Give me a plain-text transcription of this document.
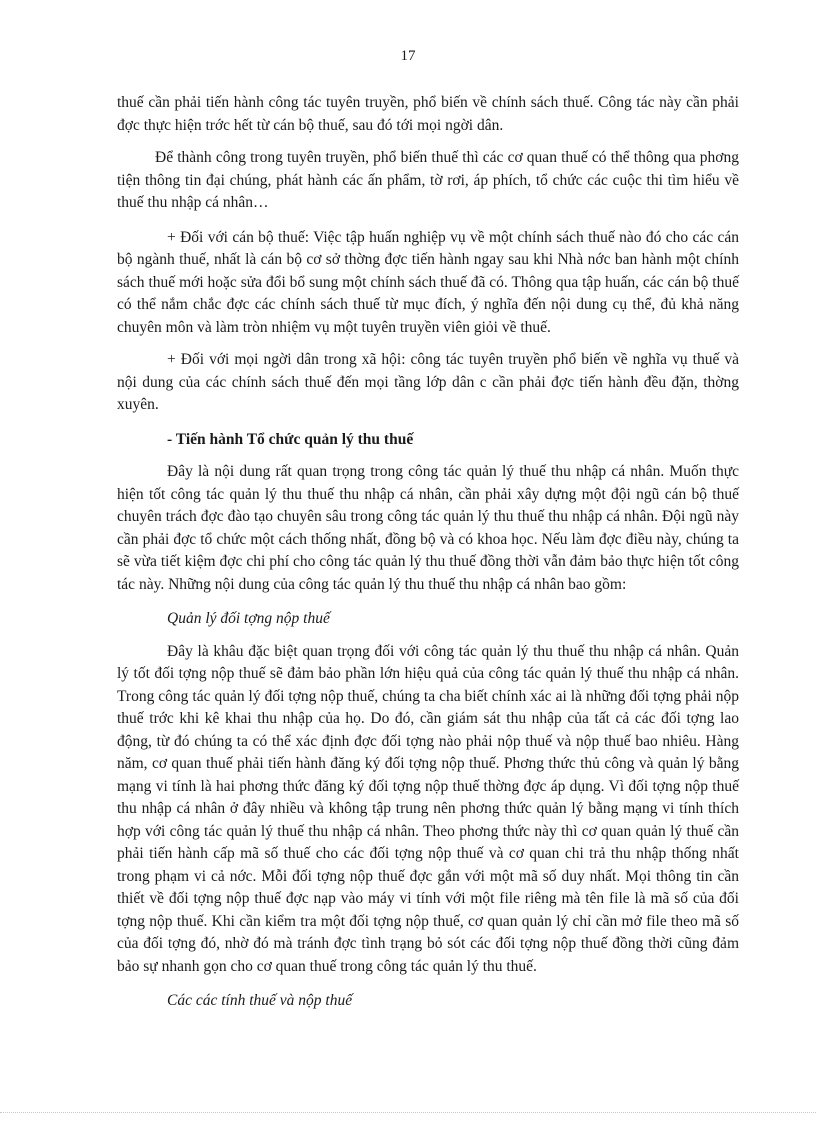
17

thuế cần phải tiến hành công tác tuyên truyền, phổ biến về chính sách thuế. Công tác này cần phải đợc thực hiện trớc hết từ cán bộ thuế, sau đó tới mọi ngời dân.

Để thành công trong tuyên truyền, phổ biến thuế thì các cơ quan thuế có thể thông qua phơng tiện thông tin đại chúng, phát hành các ấn phẩm, tờ rơi, áp phích, tổ chức các cuộc thi tìm hiểu về thuế thu nhập cá nhân…

+ Đối với cán bộ thuế: Việc tập huấn nghiệp vụ về một chính sách thuế nào đó cho các cán bộ ngành thuế, nhất là cán bộ cơ sở thờng đợc tiến hành ngay sau khi Nhà nớc ban hành một chính sách thuế mới hoặc sửa đổi bổ sung một chính sách thuế đã có. Thông qua tập huấn, các cán bộ thuế có thể nắm chắc đợc các chính sách thuế từ mục đích, ý nghĩa đến nội dung cụ thể, đủ khả năng chuyên môn và làm tròn nhiệm vụ một tuyên truyền viên giỏi về thuế.

+ Đối với mọi ngời dân trong xã hội: công tác tuyên truyền phổ biến về nghĩa vụ thuế và nội dung của các chính sách thuế đến mọi tầng lớp dân c cần phải đợc tiến hành đều đặn, thờng xuyên.

- Tiến hành Tổ chức quản lý thu thuế

Đây là nội dung rất quan trọng trong công tác quản lý thuế thu nhập cá nhân. Muốn thực hiện tốt công tác quản lý thu thuế thu nhập cá nhân, cần phải xây dựng một đội ngũ cán bộ thuế chuyên trách đợc đào tạo chuyên sâu trong công tác quản lý thu thuế thu nhập cá nhân. Đội ngũ này cần phải đợc tổ chức một cách thống nhất, đồng bộ và có khoa học. Nếu làm đợc điều này, chúng ta sẽ vừa tiết kiệm đợc chi phí cho công tác quản lý thu thuế đồng thời vẫn đảm bảo thực hiện tốt công tác này. Những nội dung của công tác quản lý thu thuế thu nhập cá nhân bao gồm:

Quản lý đối tợng nộp thuế

Đây là khâu đặc biệt quan trọng đối với công tác quản lý thu thuế thu nhập cá nhân. Quản lý tốt đối tợng nộp thuế sẽ đảm bảo phần lớn hiệu quả của công tác quản lý thuế thu nhập cá nhân. Trong công tác quản lý đối tợng nộp thuế, chúng ta cha biết chính xác ai là những đối tợng phải nộp thuế trớc khi kê khai thu nhập của họ. Do đó, cần giám sát thu nhập của tất cả các đối tợng lao động, từ đó chúng ta có thể xác định đợc đối tợng nào phải nộp thuế và nộp thuế bao nhiêu. Hàng năm, cơ quan thuế phải tiến hành đăng ký đối tợng nộp thuế. Phơng thức thủ công và quản lý bằng mạng vi tính là hai phơng thức đăng ký đối tợng nộp thuế thờng đợc áp dụng. Vì đối tợng nộp thuế thu nhập cá nhân ở đây nhiều và không tập trung nên phơng thức quản lý bằng mạng vi tính thích hợp với công tác quản lý thuế thu nhập cá nhân. Theo phơng thức này thì cơ quan quản lý thuế cần phải tiến hành cấp mã số thuế cho các đối tợng nộp thuế và cơ quan chi trả thu nhập thống nhất trong phạm vi cả nớc. Mỗi đối tợng nộp thuế đợc gắn với một mã số duy nhất. Mọi thông tin cần thiết về đối tợng nộp thuế đợc nạp vào máy vi tính với một file riêng mà tên file là mã số của đối tợng nộp thuế. Khi cần kiểm tra một đối tợng nộp thuế, cơ quan quản lý chỉ cần mở file theo mã số của đối tợng đó, nhờ đó mà tránh đợc tình trạng bỏ sót các đối tợng nộp thuế đồng thời cũng đảm bảo sự nhanh gọn cho cơ quan thuế trong công tác quản lý thu thuế.

Các các tính thuế và nộp thuế
